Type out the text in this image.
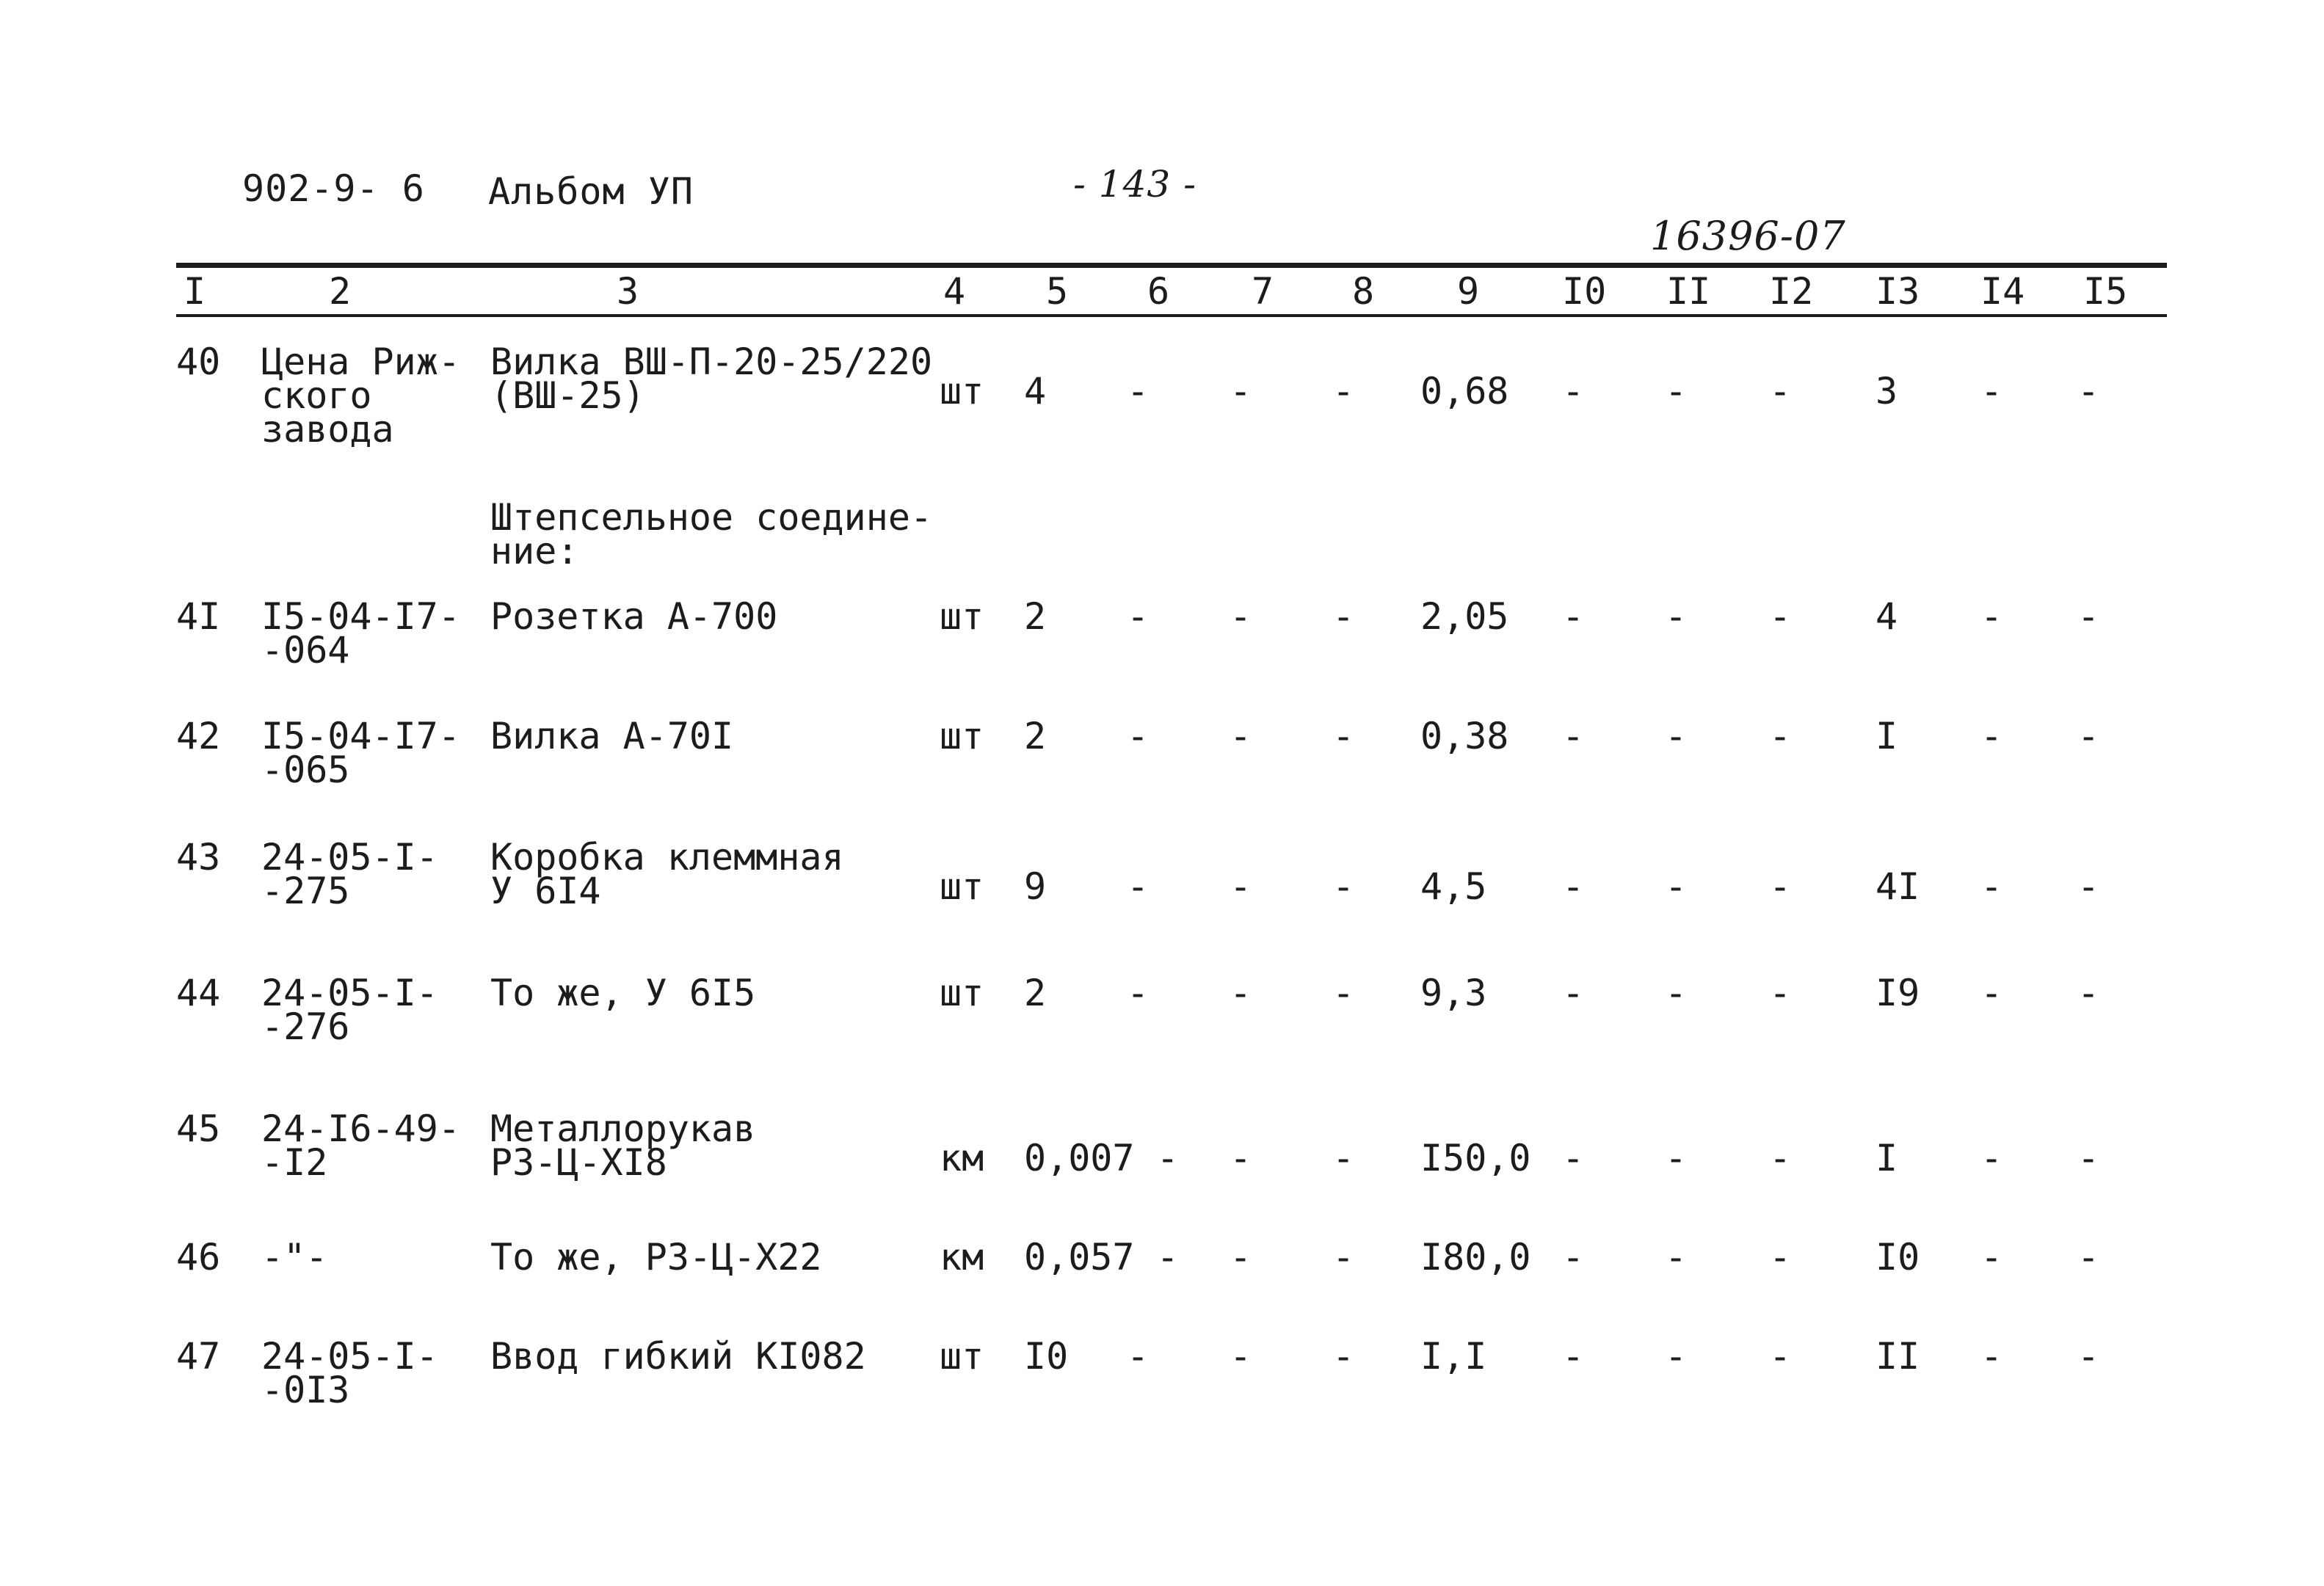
902-9- 6 Альбом УП	- 143 -
16396-07
I	2	3	4 5 6 7 8 9 I0 II I2 I3 I4 I5
40 Цена Риж-
ского
завода
Вилка ВШ-П-20-25/220
(ВШ-25)	шт 4 - - - 0,68 - - - 3 - -
Штепсельное соедине-
ние:
4I I5-04-I7-
-064
Розетка А-700	шт 2 - - - 2,05 - - - 4 - -
42 I5-04-I7-
-065
Вилка А-70I	шт 2 - - - 0,38 - - - I - -
43 24-05-I-
-275
Коробка клеммная
У 6I4	шт 9 - - - 4,5 - - - 4I - -
44 24-05-I-
-276
То же, У 6I5	шт 2 - - - 9,3 - - - I9 - -
45 24-I6-49-
-I2
Металлорукав
РЗ-Ц-ХI8	км 0,007 - - - I50,0 - - - I - -
46 -"-	То же, РЗ-Ц-Х22	км 0,057 - - - I80,0 - - - I0 - -
47 24-05-I-
-0I3
Ввод гибкий КI082 шт I0 - - - I,I - - - II - -
